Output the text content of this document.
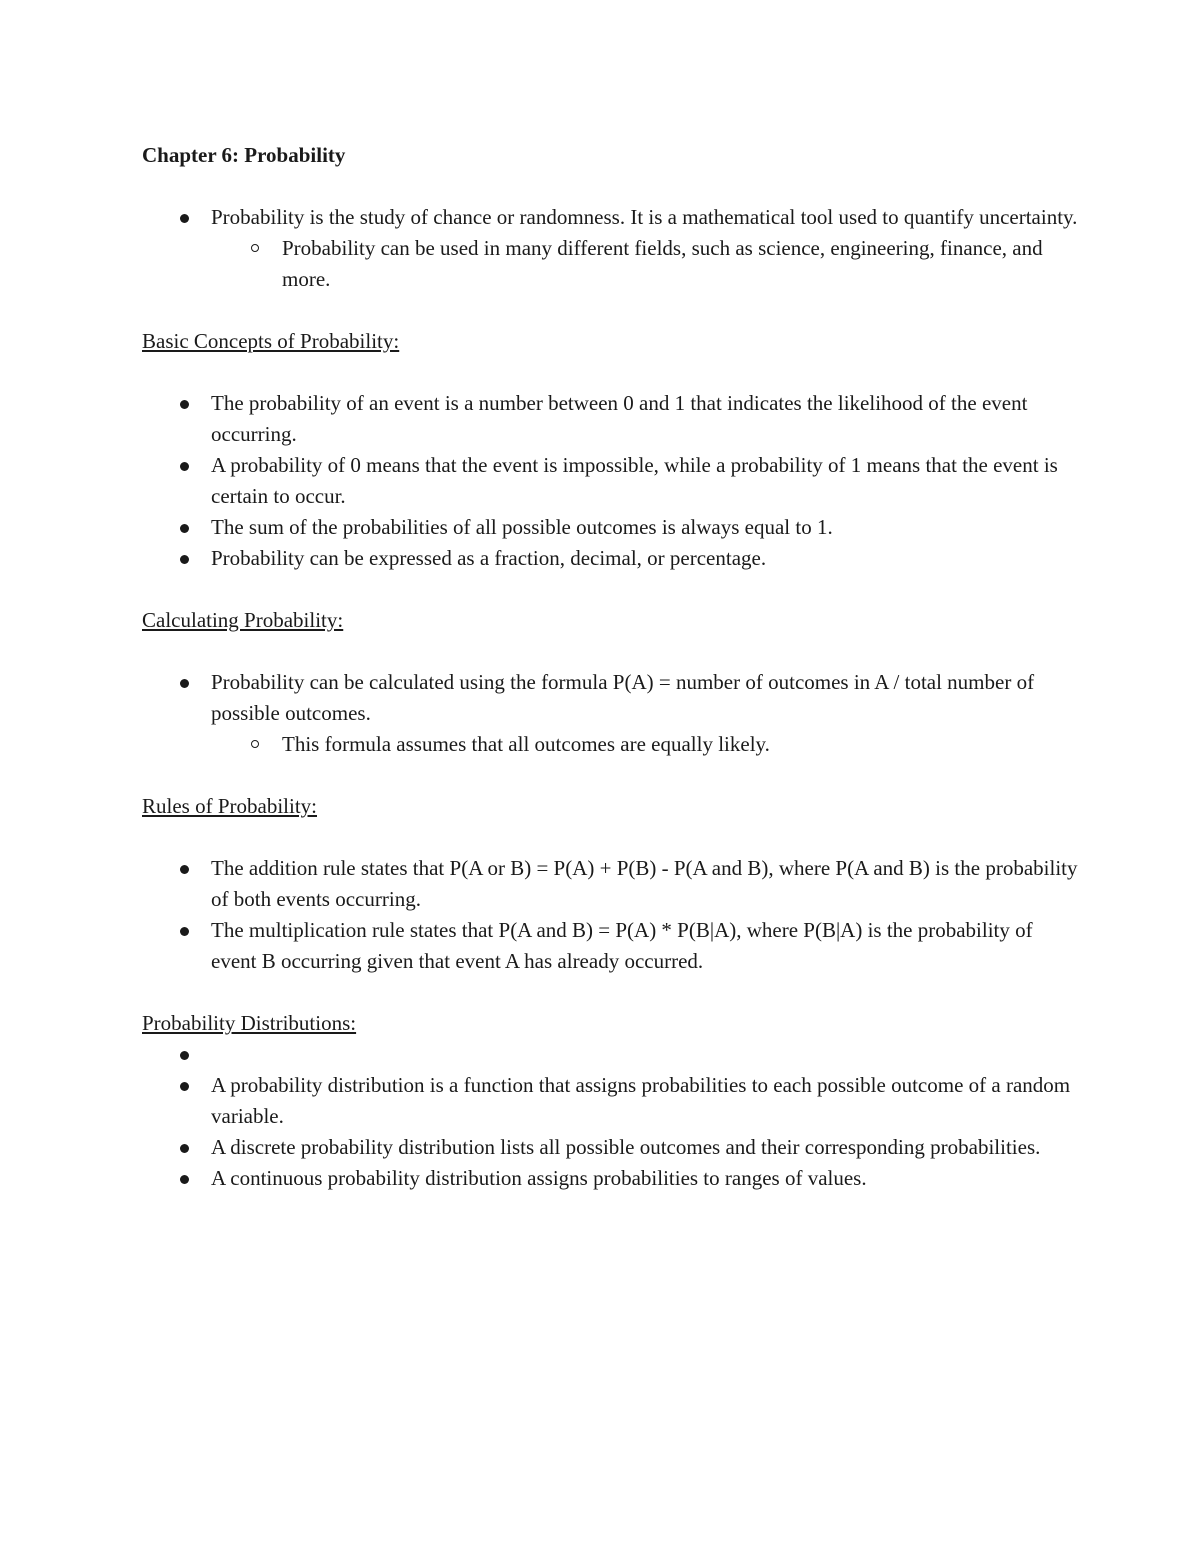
Chapter 6: Probability

Probability is the study of chance or randomness. It is a mathematical tool used to quantify uncertainty.
Probability can be used in many different fields, such as science, engineering, finance, and more.

Basic Concepts of Probability:

The probability of an event is a number between 0 and 1 that indicates the likelihood of the event occurring.
A probability of 0 means that the event is impossible, while a probability of 1 means that the event is certain to occur.
The sum of the probabilities of all possible outcomes is always equal to 1.
Probability can be expressed as a fraction, decimal, or percentage.

Calculating Probability:

Probability can be calculated using the formula P(A) = number of outcomes in A / total number of possible outcomes.
This formula assumes that all outcomes are equally likely.

Rules of Probability:

The addition rule states that P(A or B) = P(A) + P(B) - P(A and B), where P(A and B) is the probability of both events occurring.
The multiplication rule states that P(A and B) = P(A) * P(B|A), where P(B|A) is the probability of event B occurring given that event A has already occurred.

Probability Distributions:

A probability distribution is a function that assigns probabilities to each possible outcome of a random variable.
A discrete probability distribution lists all possible outcomes and their corresponding probabilities.
A continuous probability distribution assigns probabilities to ranges of values.
